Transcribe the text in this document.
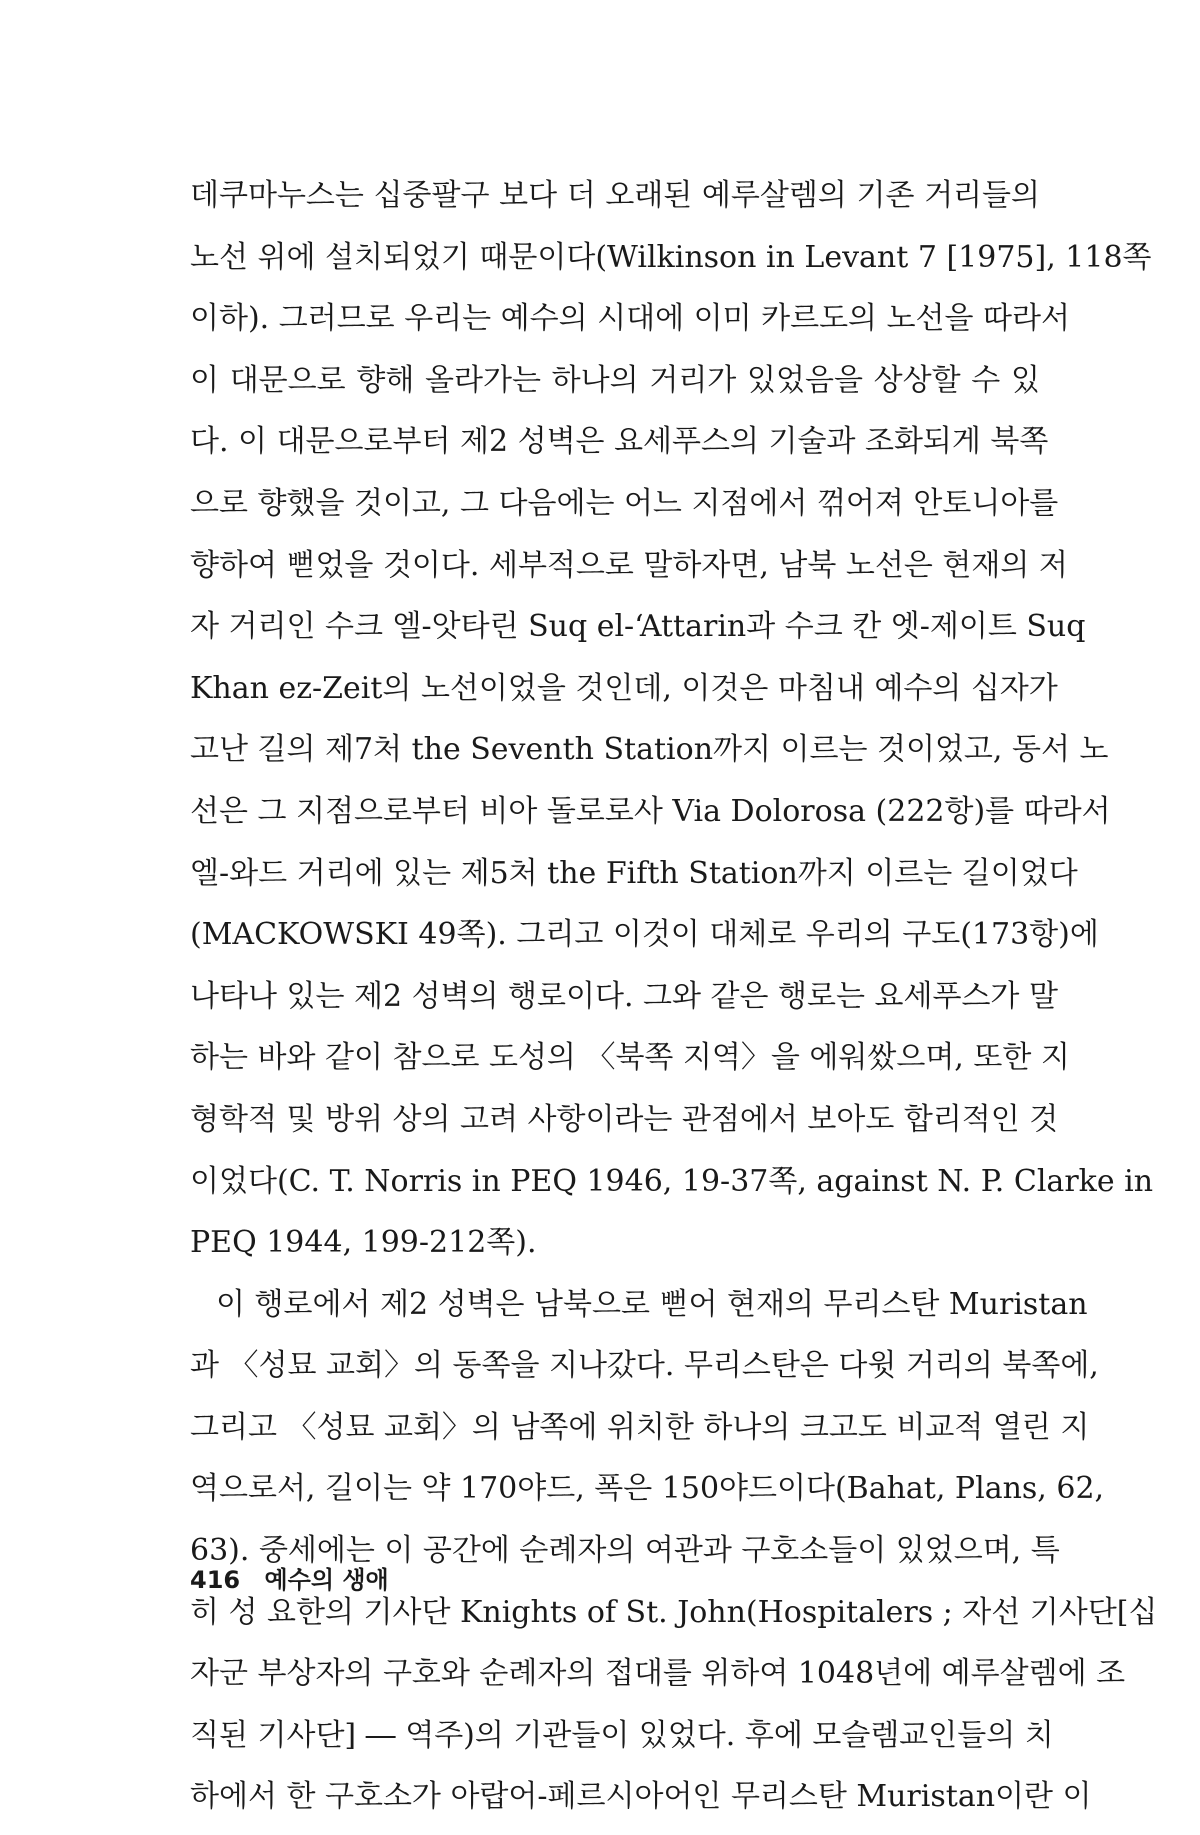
데쿠마누스는 십중팔구 보다 더 오래된 예루살렘의 기존 거리들의
노선 위에 설치되었기 때문이다(Wilkinson in Levant 7 [1975], 118쪽
이하). 그러므로 우리는 예수의 시대에 이미 카르도의 노선을 따라서
이 대문으로 향해 올라가는 하나의 거리가 있었음을 상상할 수 있
다. 이 대문으로부터 제2 성벽은 요세푸스의 기술과 조화되게 북쪽
으로 향했을 것이고, 그 다음에는 어느 지점에서 꺾어져 안토니아를
향하여 뻗었을 것이다. 세부적으로 말하자면, 남북 노선은 현재의 저
자 거리인 수크 엘-앗타린 Suq el-‘Attarin과 수크 칸 엣-제이트 Suq
Khan ez-Zeit의 노선이었을 것인데, 이것은 마침내 예수의 십자가
고난 길의 제7처 the Seventh Station까지 이르는 것이었고, 동서 노
선은 그 지점으로부터 비아 돌로로사 Via Dolorosa (222항)를 따라서
엘-와드 거리에 있는 제5처 the Fifth Station까지 이르는 길이었다
(MACKOWSKI 49쪽). 그리고 이것이 대체로 우리의 구도(173항)에
나타나 있는 제2 성벽의 행로이다. 그와 같은 행로는 요세푸스가 말
하는 바와 같이 참으로 도성의 〈북쪽 지역〉을 에워쌌으며, 또한 지
형학적 및 방위 상의 고려 사항이라는 관점에서 보아도 합리적인 것
이었다(C. T. Norris in PEQ 1946, 19-37쪽, against N. P. Clarke in
PEQ 1944, 199-212쪽).
이 행로에서 제2 성벽은 남북으로 뻗어 현재의 무리스탄 Muristan
과 〈성묘 교회〉의 동쪽을 지나갔다. 무리스탄은 다윗 거리의 북쪽에,
그리고 〈성묘 교회〉의 남쪽에 위치한 하나의 크고도 비교적 열린 지
역으로서, 길이는 약 170야드, 폭은 150야드이다(Bahat, Plans, 62,
63). 중세에는 이 공간에 순례자의 여관과 구호소들이 있었으며, 특
히 성 요한의 기사단 Knights of St. John(Hospitalers ; 자선 기사단[십
자군 부상자의 구호와 순례자의 접대를 위하여 1048년에 예루살렘에 조
직된 기사단] ― 역주)의 기관들이 있었다. 후에 모슬렘교인들의 치
하에서 한 구호소가 아랍어-페르시아어인 무리스탄 Muristan이란 이
416 예수의 생애
